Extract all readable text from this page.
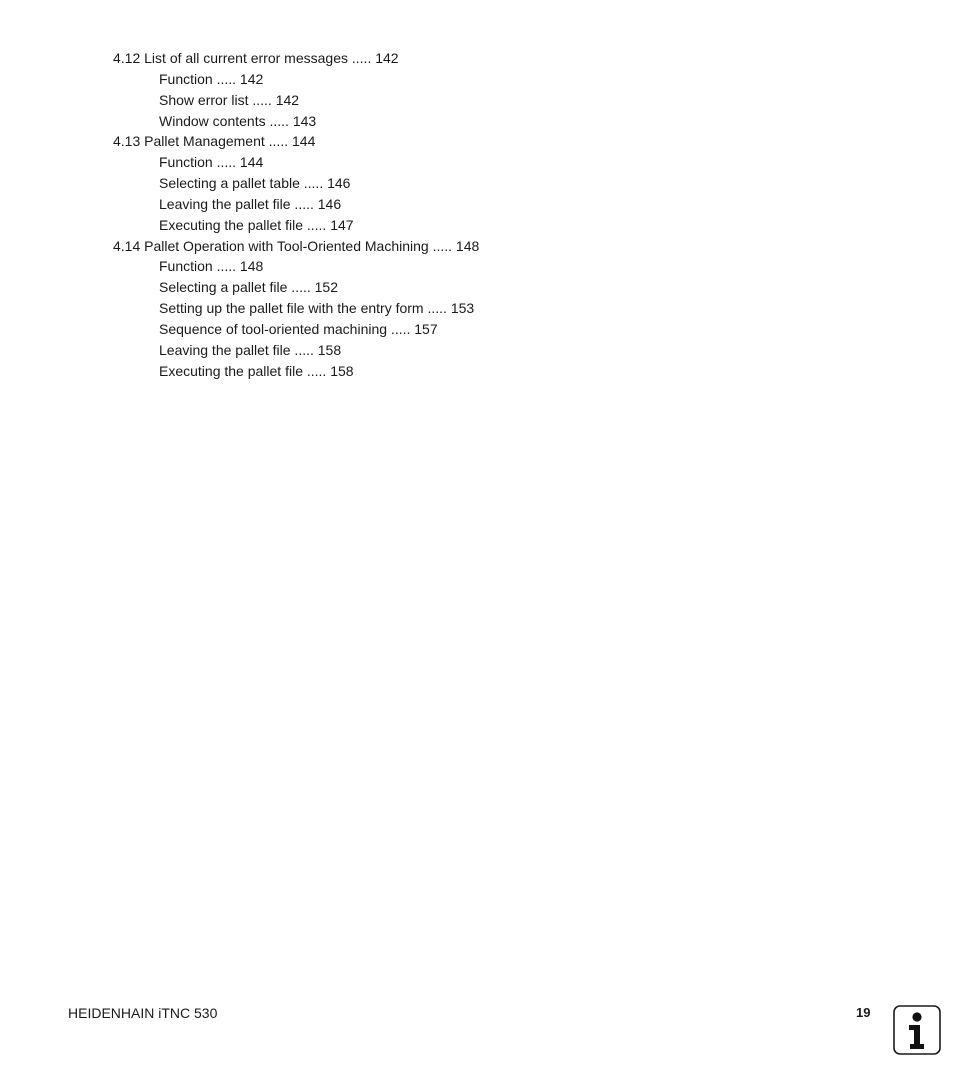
4.12 List of all current error messages ..... 142
Function ..... 142
Show error list ..... 142
Window contents ..... 143
4.13 Pallet Management ..... 144
Function ..... 144
Selecting a pallet table ..... 146
Leaving the pallet file ..... 146
Executing the pallet file ..... 147
4.14 Pallet Operation with Tool-Oriented Machining ..... 148
Function ..... 148
Selecting a pallet file ..... 152
Setting up the pallet file with the entry form ..... 153
Sequence of tool-oriented machining ..... 157
Leaving the pallet file ..... 158
Executing the pallet file ..... 158
HEIDENHAIN iTNC 530	19
